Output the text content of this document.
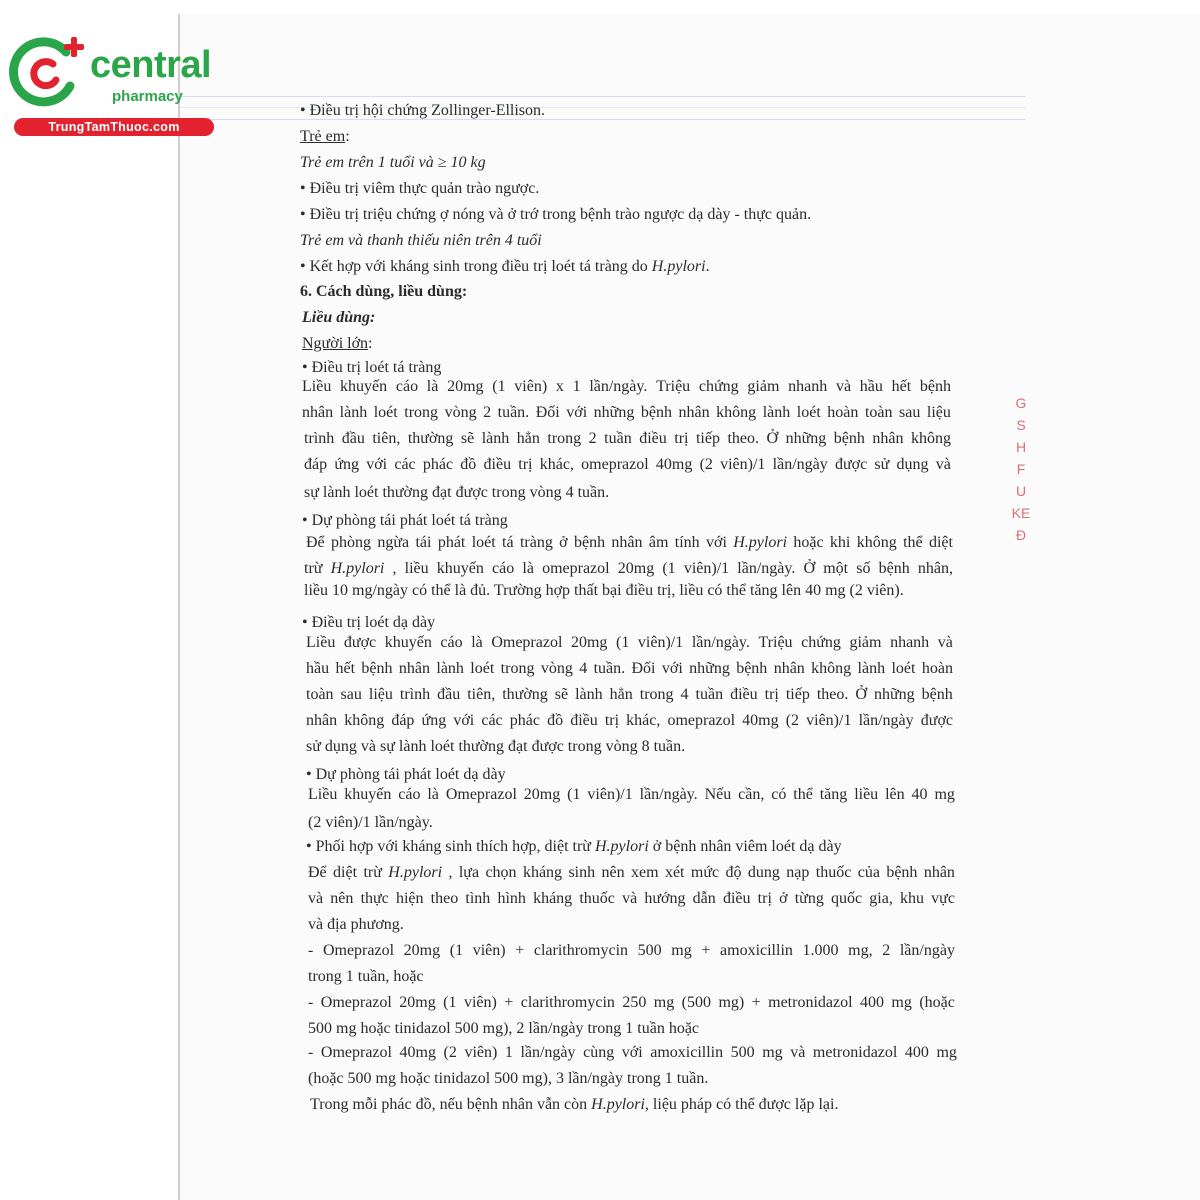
central
pharmacy
TrungTamThuoc.com
G
S
H
F
U
KE
Đ
• Điều trị hội chứng Zollinger-Ellison.
Trẻ em:
Trẻ em trên 1 tuổi và ≥ 10 kg
• Điều trị viêm thực quản trào ngược.
• Điều trị triệu chứng ợ nóng và ở trớ trong bệnh trào ngược dạ dày - thực quản.
Trẻ em và thanh thiếu niên trên 4 tuổi
• Kết hợp với kháng sinh trong điều trị loét tá tràng do H.pylori.
6. Cách dùng, liều dùng:
Liều dùng:
Người lớn:
• Điều trị loét tá tràng
Liều khuyến cáo là 20mg (1 viên) x 1 lần/ngày. Triệu chứng giảm nhanh và hầu hết bệnh
nhân lành loét trong vòng 2 tuần. Đối với những bệnh nhân không lành loét hoàn toàn sau liệu
trình đầu tiên, thường sẽ lành hẳn trong 2 tuần điều trị tiếp theo. Ở những bệnh nhân không
đáp ứng với các phác đồ điều trị khác, omeprazol 40mg (2 viên)/1 lần/ngày được sử dụng và
sự lành loét thường đạt được trong vòng 4 tuần.
• Dự phòng tái phát loét tá tràng
Để phòng ngừa tái phát loét tá tràng ở bệnh nhân âm tính với H.pylori hoặc khi không thể diệt
trừ H.pylori , liều khuyến cáo là omeprazol 20mg (1 viên)/1 lần/ngày. Ở một số bệnh nhân,
liều 10 mg/ngày có thể là đủ. Trường hợp thất bại điều trị, liều có thể tăng lên 40 mg (2 viên).
• Điều trị loét dạ dày
Liều được khuyến cáo là Omeprazol 20mg (1 viên)/1 lần/ngày. Triệu chứng giảm nhanh và
hầu hết bệnh nhân lành loét trong vòng 4 tuần. Đối với những bệnh nhân không lành loét hoàn
toàn sau liệu trình đầu tiên, thường sẽ lành hẳn trong 4 tuần điều trị tiếp theo. Ở những bệnh
nhân không đáp ứng với các phác đồ điều trị khác, omeprazol 40mg (2 viên)/1 lần/ngày được
sử dụng và sự lành loét thường đạt được trong vòng 8 tuần.
• Dự phòng tái phát loét dạ dày
Liều khuyến cáo là Omeprazol 20mg (1 viên)/1 lần/ngày. Nếu cần, có thể tăng liều lên 40 mg
(2 viên)/1 lần/ngày.
• Phối hợp với kháng sinh thích hợp, diệt trừ H.pylori ở bệnh nhân viêm loét dạ dày
Để diệt trừ H.pylori , lựa chọn kháng sinh nên xem xét mức độ dung nạp thuốc của bệnh nhân
và nên thực hiện theo tình hình kháng thuốc và hướng dẫn điều trị ở từng quốc gia, khu vực
và địa phương.
- Omeprazol 20mg (1 viên) + clarithromycin 500 mg + amoxicillin 1.000 mg, 2 lần/ngày
trong 1 tuần, hoặc
- Omeprazol 20mg (1 viên) + clarithromycin 250 mg (500 mg) + metronidazol 400 mg (hoặc
500 mg hoặc tinidazol 500 mg), 2 lần/ngày trong 1 tuần hoặc
- Omeprazol 40mg (2 viên) 1 lần/ngày cùng với amoxicillin 500 mg và metronidazol 400 mg
(hoặc 500 mg hoặc tinidazol 500 mg), 3 lần/ngày trong 1 tuần.
Trong mỗi phác đồ, nếu bệnh nhân vẫn còn H.pylori, liệu pháp có thể được lặp lại.
